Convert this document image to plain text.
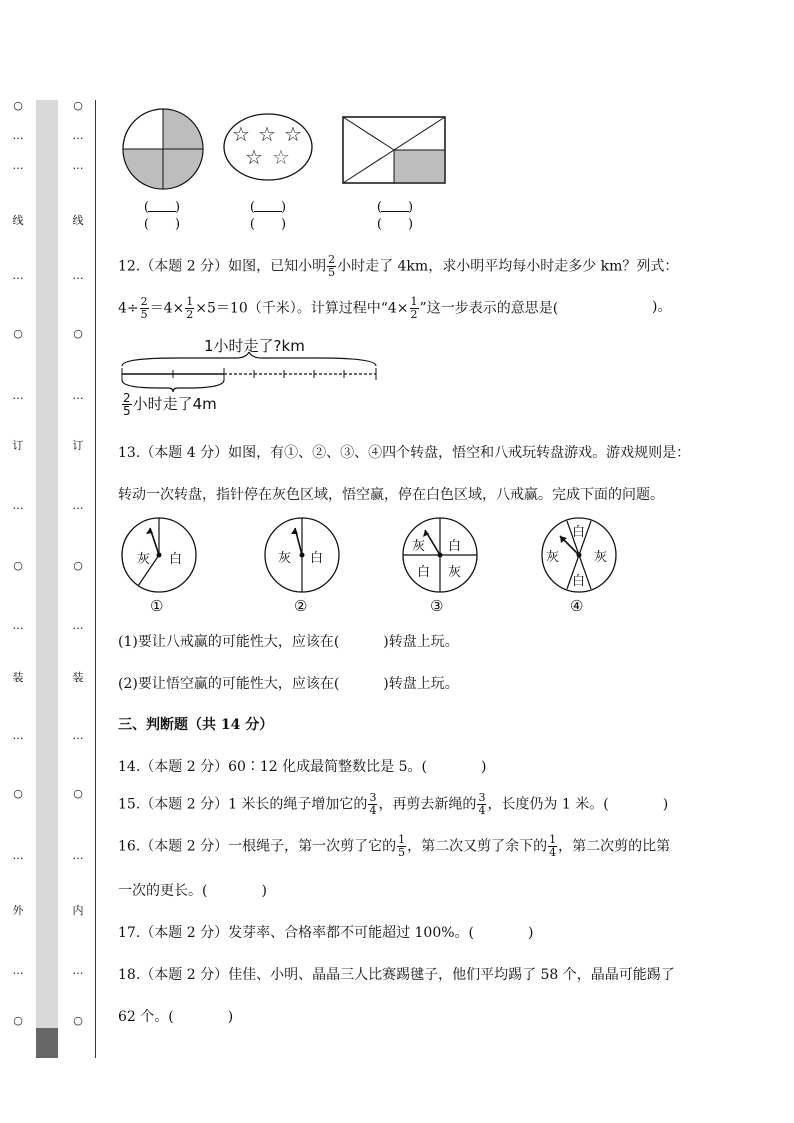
○
…
…
线
…
○
…
订
…
○
…
装
…
○
…
外
…
○
○
…
…
线
…
○
…
订
…
○
…
装
…
○
…
内
…
○
☆ ☆ ☆
☆ ☆
(　　)
(　　)
(　　)
(　　)
(　　)
(　　)
12.（本题 2 分）如图，已知小明 $\frac{2}{5}$ 小时走了 4km，求小明平均每小时走多少 km？列式：
$4\div \frac{2}{5} =4\times \frac{1}{2} \times 5=10$（千米）。计算过程中“$4\times \frac{1}{2}$ ”这一步表示的意思是(	)。
1小时走了?km
$\frac{2}{5}$ 小时走了4m
13.（本题 4 分）如图，有①、②、③、④四个转盘，悟空和八戒玩转盘游戏。游戏规则是：
转动一次转盘，指针停在灰色区域，悟空赢，停在白色区域，八戒赢。完成下面的问题。
灰 白
①
灰 白
②
灰 白
白 灰
③
白
灰	灰
白
④
(1)要让八戒赢的可能性大，应该在(	)转盘上玩。
(2)要让悟空赢的可能性大，应该在(	)转盘上玩。
三、判断题（共 14 分）
14.（本题 2 分）60∶12 化成最简整数比是 5。(	)
15.（本题 2 分）1 米长的绳子增加它的 $\frac{3}{4}$ ，再剪去新绳的 $\frac{3}{4}$ ，长度仍为 1 米。(	)
16.（本题 2 分）一根绳子，第一次剪了它的 $\frac{1}{5}$ ，第二次又剪了余下的 $\frac{1}{4}$ ，第二次剪的比第
一次的更长。(	)
17.（本题 2 分）发芽率、合格率都不可能超过 100%。(	)
18.（本题 2 分）佳佳、小明、晶晶三人比赛踢毽子，他们平均踢了 58 个，晶晶可能踢了
62 个。(	)
